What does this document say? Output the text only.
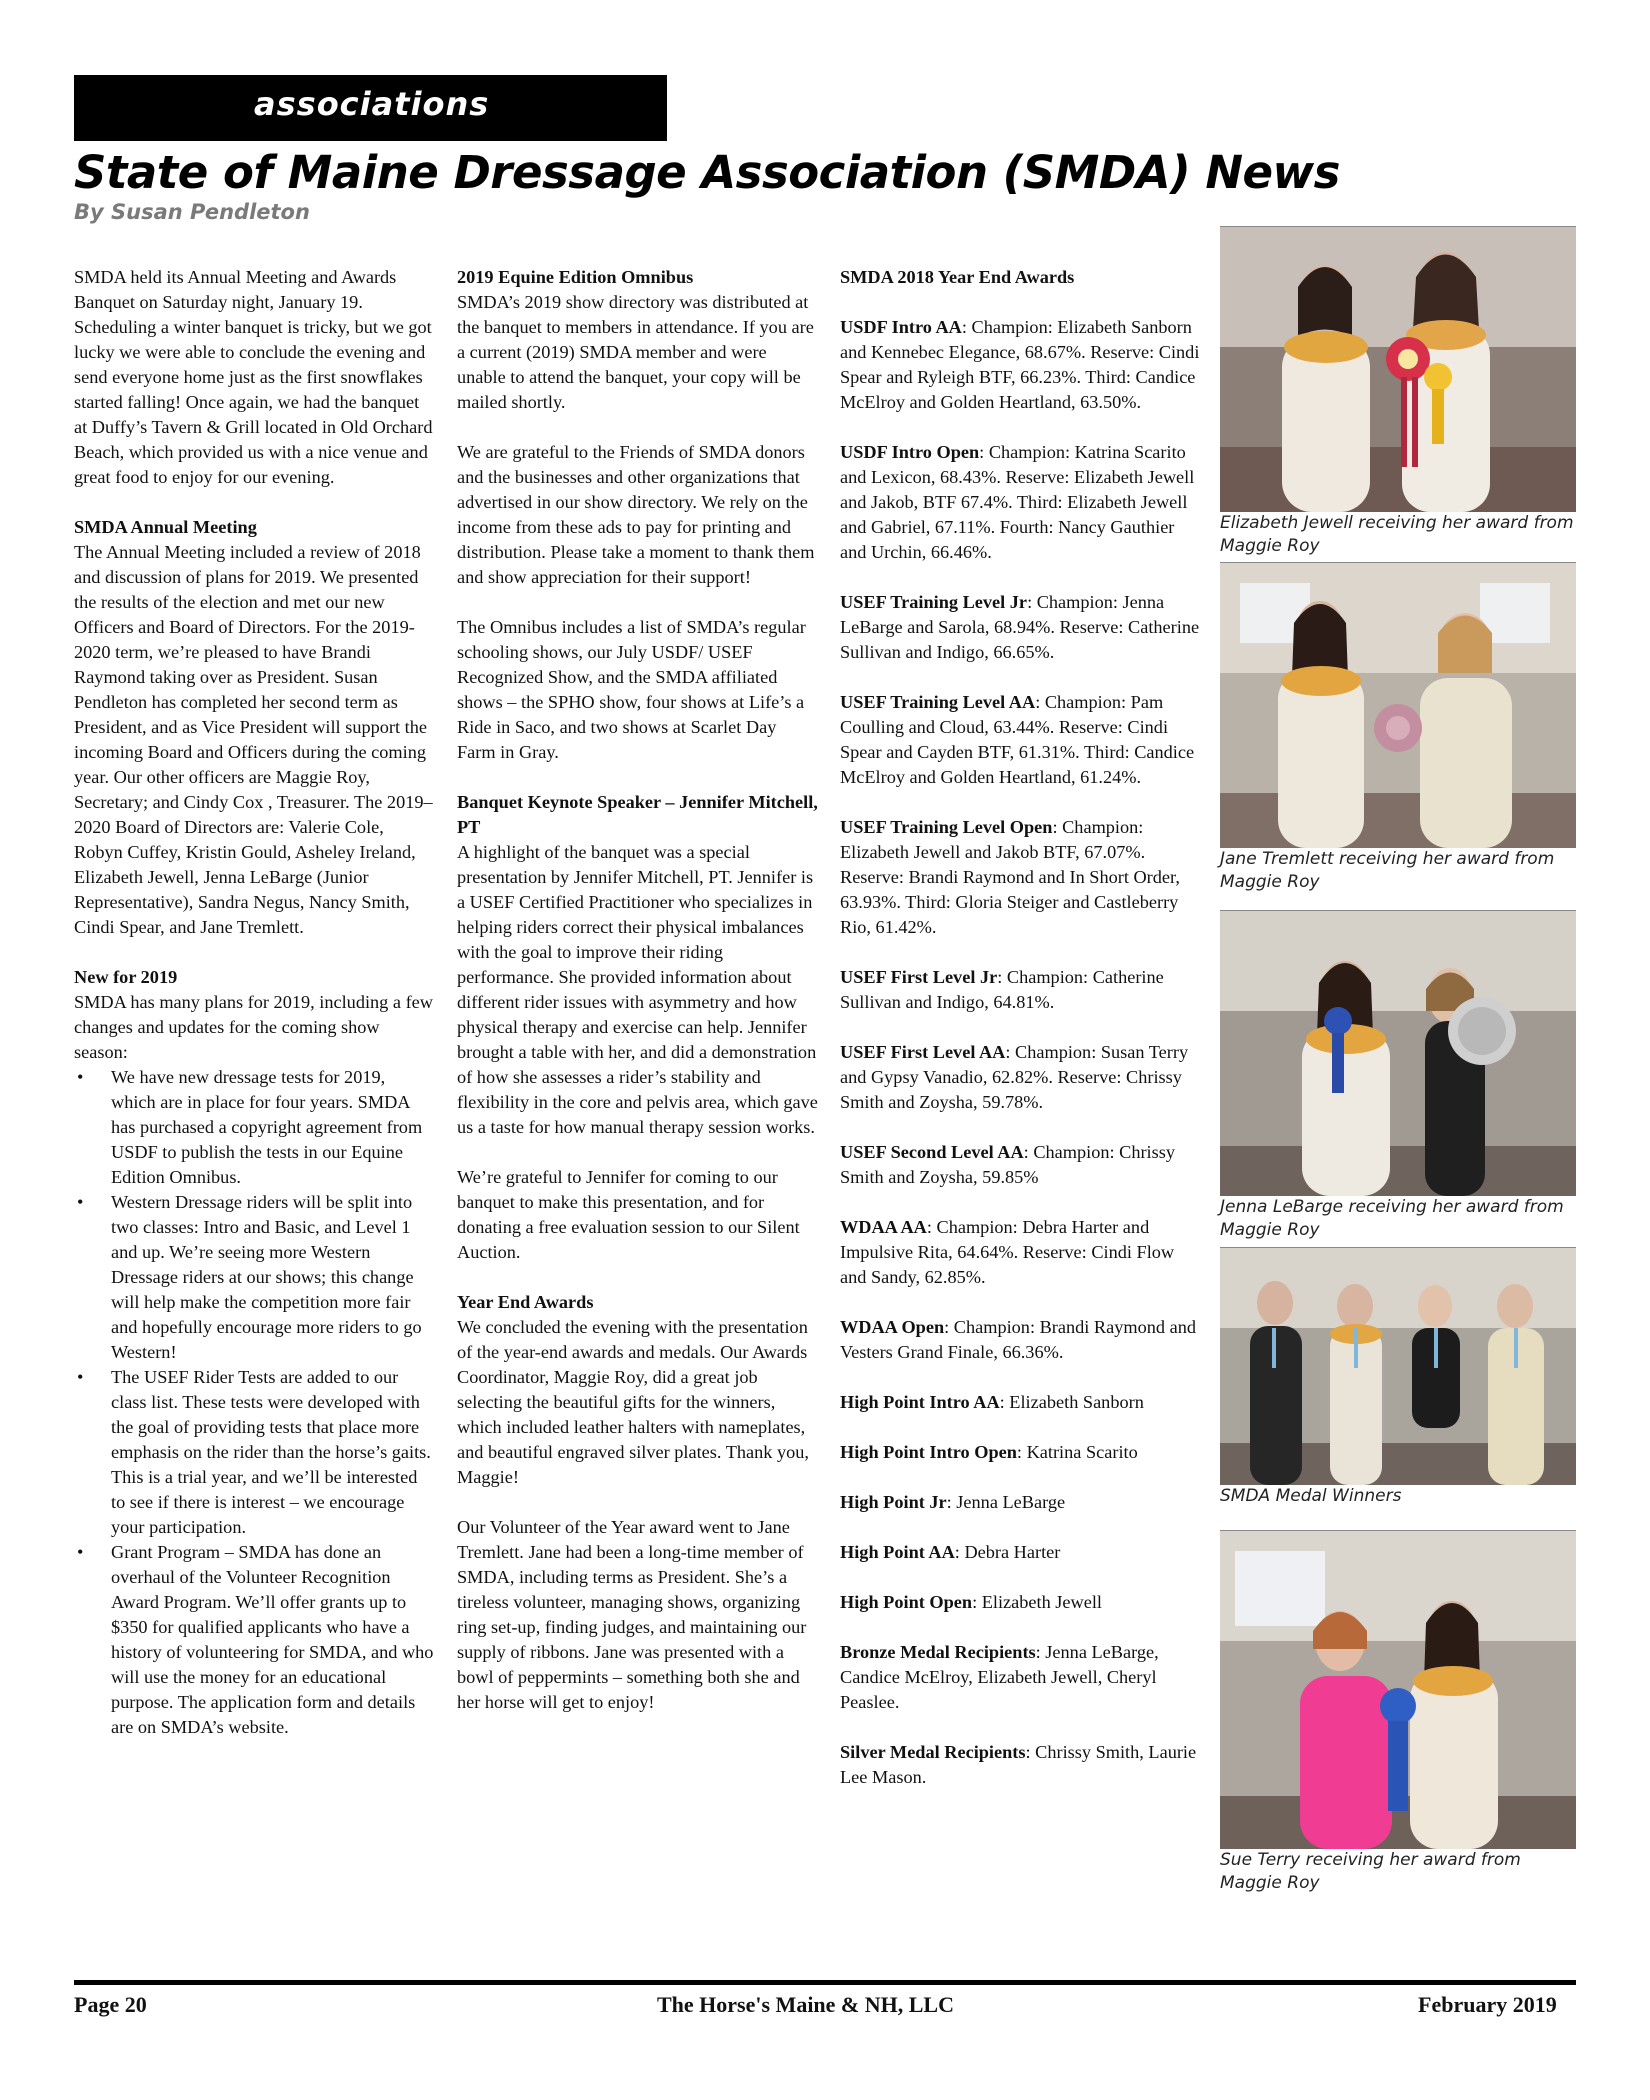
associations
State of Maine Dressage Association (SMDA) News
By Susan Pendleton

SMDA held its Annual Meeting and Awards Banquet on Saturday night, January 19. Scheduling a winter banquet is tricky, but we got lucky we were able to conclude the evening and send everyone home just as the first snowflakes started falling! Once again, we had the banquet at Duffy’s Tavern & Grill located in Old Orchard Beach, which provided us with a nice venue and great food to enjoy for our evening.

SMDA Annual Meeting

The Annual Meeting included a review of 2018 and discussion of plans for 2019. We presented the results of the election and met our new Officers and Board of Directors. For the 2019-2020 term, we’re pleased to have Brandi Raymond taking over as President. Susan Pendleton has completed her second term as President, and as Vice President will support the incoming Board and Officers during the coming year. Our other officers are Maggie Roy, Secretary; and Cindy Cox , Treasurer. The 2019–2020 Board of Directors are: Valerie Cole, Robyn Cuffey, Kristin Gould, Asheley Ireland, Elizabeth Jewell, Jenna LeBarge (Junior Representative), Sandra Negus, Nancy Smith, Cindi Spear, and Jane Tremlett.

New for 2019

SMDA has many plans for 2019, including a few changes and updates for the coming show season:

• We have new dressage tests for 2019, which are in place for four years. SMDA has purchased a copyright agreement from USDF to publish the tests in our Equine Edition Omnibus.
• Western Dressage riders will be split into two classes: Intro and Basic, and Level 1 and up. We’re seeing more Western Dressage riders at our shows; this change will help make the competition more fair and hopefully encourage more riders to go Western!
• The USEF Rider Tests are added to our class list. These tests were developed with the goal of providing tests that place more emphasis on the rider than the horse’s gaits. This is a trial year, and we’ll be interested to see if there is interest – we encourage your participation.
• Grant Program – SMDA has done an overhaul of the Volunteer Recognition Award Program. We’ll offer grants up to $350 for qualified applicants who have a history of volunteering for SMDA, and who will use the money for an educational purpose. The application form and details are on SMDA’s website.
2019 Equine Edition Omnibus

SMDA’s 2019 show directory was distributed at the banquet to members in attendance. If you are a current (2019) SMDA member and were unable to attend the banquet, your copy will be mailed shortly.

We are grateful to the Friends of SMDA donors and the businesses and other organizations that advertised in our show directory. We rely on the income from these ads to pay for printing and distribution. Please take a moment to thank them and show appreciation for their support!

The Omnibus includes a list of SMDA’s regular schooling shows, our July USDF/ USEF Recognized Show, and the SMDA affiliated shows – the SPHO show, four shows at Life’s a Ride in Saco, and two shows at Scarlet Day Farm in Gray.

Banquet Keynote Speaker – Jennifer Mitchell, PT

A highlight of the banquet was a special presentation by Jennifer Mitchell, PT. Jennifer is a USEF Certified Practitioner who specializes in helping riders correct their physical imbalances with the goal to improve their riding performance. She provided information about different rider issues with asymmetry and how physical therapy and exercise can help. Jennifer brought a table with her, and did a demonstration of how she assesses a rider’s stability and flexibility in the core and pelvis area, which gave us a taste for how manual therapy session works.

We’re grateful to Jennifer for coming to our banquet to make this presentation, and for donating a free evaluation session to our Silent Auction.

Year End Awards

We concluded the evening with the presentation of the year-end awards and medals. Our Awards Coordinator, Maggie Roy, did a great job selecting the beautiful gifts for the winners, which included leather halters with nameplates, and beautiful engraved silver plates. Thank you, Maggie!

Our Volunteer of the Year award went to Jane Tremlett. Jane had been a long-time member of SMDA, including terms as President. She’s a tireless volunteer, managing shows, organizing ring set-up, finding judges, and maintaining our supply of ribbons. Jane was presented with a bowl of peppermints – something both she and her horse will get to enjoy!

SMDA 2018 Year End Awards

USDF Intro AA: Champion: Elizabeth Sanborn and Kennebec Elegance, 68.67%. Reserve: Cindi Spear and Ryleigh BTF, 66.23%. Third: Candice McElroy and Golden Heartland, 63.50%.

USDF Intro Open: Champion: Katrina Scarito and Lexicon, 68.43%. Reserve: Elizabeth Jewell and Jakob, BTF 67.4%. Third: Elizabeth Jewell and Gabriel, 67.11%. Fourth: Nancy Gauthier and Urchin, 66.46%.

USEF Training Level Jr: Champion: Jenna LeBarge and Sarola, 68.94%. Reserve: Catherine Sullivan and Indigo, 66.65%.

USEF Training Level AA: Champion: Pam Coulling and Cloud, 63.44%. Reserve: Cindi Spear and Cayden BTF, 61.31%. Third: Candice McElroy and Golden Heartland, 61.24%.

USEF Training Level Open: Champion: Elizabeth Jewell and Jakob BTF, 67.07%. Reserve: Brandi Raymond and In Short Order, 63.93%. Third: Gloria Steiger and Castleberry Rio, 61.42%.

USEF First Level Jr: Champion: Catherine Sullivan and Indigo, 64.81%.

USEF First Level AA: Champion: Susan Terry and Gypsy Vanadio, 62.82%. Reserve: Chrissy Smith and Zoysha, 59.78%.

USEF Second Level AA: Champion: Chrissy Smith and Zoysha, 59.85%

WDAA AA: Champion: Debra Harter and Impulsive Rita, 64.64%. Reserve: Cindi Flow and Sandy, 62.85%.

WDAA Open: Champion: Brandi Raymond and Vesters Grand Finale, 66.36%.

High Point Intro AA: Elizabeth Sanborn

High Point Intro Open: Katrina Scarito

High Point Jr: Jenna LeBarge

High Point AA: Debra Harter

High Point Open: Elizabeth Jewell

Bronze Medal Recipients: Jenna LeBarge, Candice McElroy, Elizabeth Jewell, Cheryl Peaslee.

Silver Medal Recipients: Chrissy Smith, Laurie Lee Mason.

Elizabeth Jewell receiving her award from Maggie Roy
Jane Tremlett receiving her award from Maggie Roy
Jenna LeBarge receiving her award from Maggie Roy
SMDA Medal Winners
Sue Terry receiving her award from Maggie Roy
Page 20	The Horse's Maine & NH, LLC	February 2019
